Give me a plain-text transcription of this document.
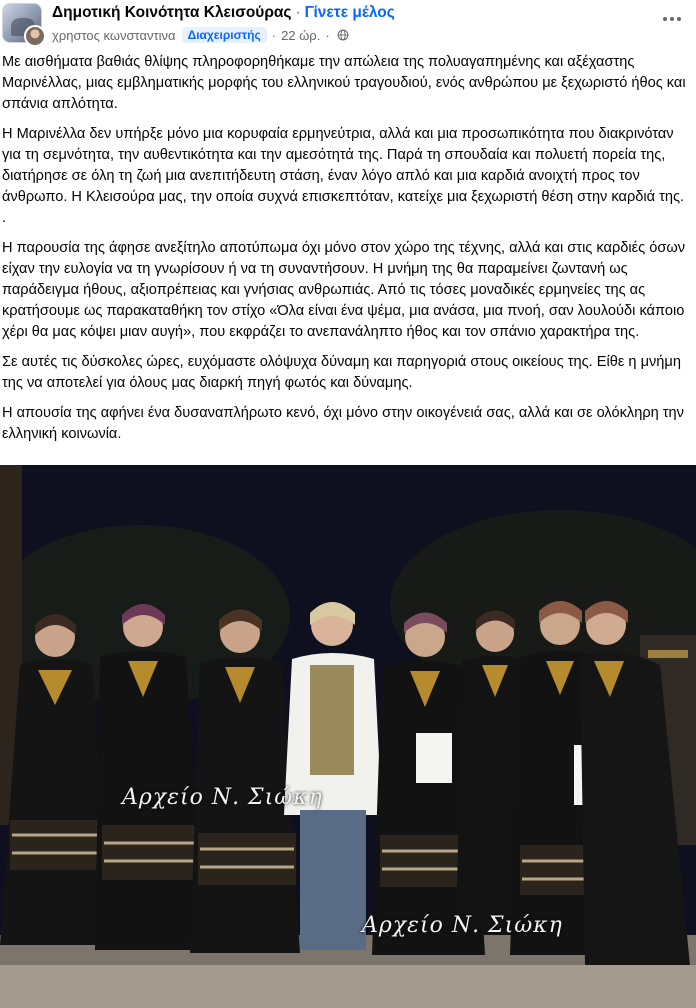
Δημοτική Κοινότητα Κλεισούρας · Γίνετε μέλος
χρηστος κωνσταντινα	Διαχειριστής · 22 ώρ. ·

Με αισθήματα βαθιάς θλίψης πληροφορηθήκαμε την απώλεια της πολυαγαπημένης και αξέχαστης Μαρινέλλας, μιας εμβληματικής μορφής του ελληνικού τραγουδιού, ενός ανθρώπου με ξεχωριστό ήθος και σπάνια απλότητα.

Η Μαρινέλλα δεν υπήρξε μόνο μια κορυφαία ερμηνεύτρια, αλλά και μια προσωπικότητα που διακρινόταν για τη σεμνότητα, την αυθεντικότητα και την αμεσότητά της. Παρά τη σπουδαία και πολυετή πορεία της, διατήρησε σε όλη τη ζωή μια ανεπιτήδευτη στάση, έναν λόγο απλό και μια καρδιά ανοιχτή προς τον άνθρωπο. Η Κλεισούρα μας, την οποία συχνά επισκεπτόταν, κατείχε μια ξεχωριστή θέση στην καρδιά της. .

Η παρουσία της άφησε ανεξίτηλο αποτύπωμα όχι μόνο στον χώρο της τέχνης, αλλά και στις καρδιές όσων είχαν την ευλογία να τη γνωρίσουν ή να τη συναντήσουν. Η μνήμη της θα παραμείνει ζωντανή ως παράδειγμα ήθους, αξιοπρέπειας και γνήσιας ανθρωπιάς. Από τις τόσες μοναδικές ερμηνείες της ας κρατήσουμε ως παρακαταθήκη τον στίχο «Όλα είναι ένα ψέμα, μια ανάσα, μια πνοή, σαν λουλούδι κάποιο χέρι θα μας κόψει μιαν αυγή», που εκφράζει το ανεπανάληπτο ήθος και τον σπάνιο χαρακτήρα της.

Σε αυτές τις δύσκολες ώρες, ευχόμαστε ολόψυχα δύναμη και παρηγοριά στους οικείους της. Είθε η μνήμη της να αποτελεί για όλους μας διαρκή πηγή φωτός και δύναμης.

Η απουσία της αφήνει ένα δυσαναπλήρωτο κενό, όχι μόνο στην οικογένειά σας, αλλά και σε ολόκληρη την ελληνική κοινωνία.

Αρχείο Ν. Σιώκη
Αρχείο Ν. Σιώκη
